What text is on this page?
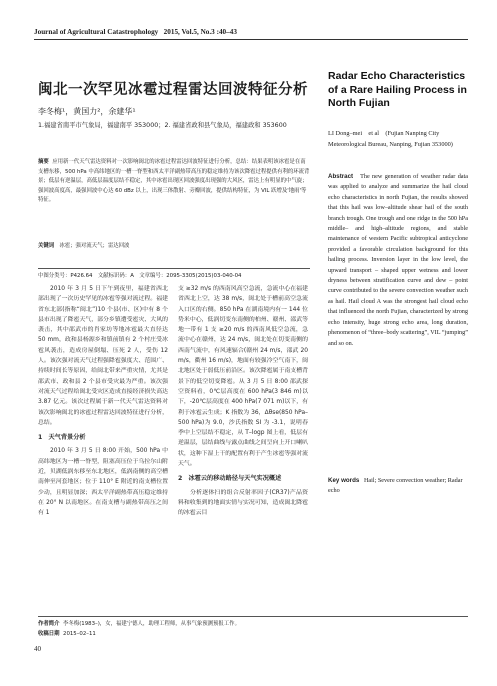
Journal of Agricultural Catastrophology 2015, Vol.5, No.3 :40–43
闽北一次罕见冰雹过程雷达回波特征分析
李冬梅¹，黄国力²，余建华¹
1.福建省南平市气象局，福建南平 353000；2. 福建省政和县气象局，福建政和 353600
摘要 应用新一代天气雷达资料对一次影响闽北的冰雹过程雷达回波特征进行分析，总结：结果表明该冰雹是在南支槽东移，500 hPa 中高纬地区的一槽一脊型和西太平洋副热带高压的稳定维持为该次降雹过程提供有利的环流背景；低层有逆温层，高低层温度层结不稳定，其中冰雹出现区回波强度出现强的大风区，雷达上有明显的中气旋；强回波高度高，最强回波中心达 60 dBz 以上，出现三体散射、旁瓣回波，提供结构特征，为 VIL 跃增及'地雨'等特征。
关键词 冰雹；强对流天气；雷达回波
中图分类号：P426.64　文献标识码：A　文章编号：2095-3305(2015)03-040-04
Radar Echo Characteristics of a Rare Hailing Process in North Fujian
LI Dong–mei　et al　(Fujian Nanping City Meteorological Bureau, Nanping, Fujian 353000)
Abstract The new generation of weather radar data was applied to analyze and summarize the hail cloud echo characteristics in north Fujian, the results showed that this hail was low–altitude shear hail of the south branch trough. One trough and one ridge in the 500 hPa middle– and high–altitude regions, and stable maintenance of western Pacific subtropical anticyclone provided a favorable circulation background for this hailing process. Inversion layer in the low level, the upward transport – shaped upper wetness and lower dryness between stratification curve and dew – point curve contributed to the severe convection weather such as hail. Hail cloud A was the strongest hail cloud echo that influenced the north Fujian, characterized by strong echo intensity, huge strong echo area, long duration, phenomenon of “three–body scattering”, VIL “jumping” and so on.
Key words Hail; Severe convection weather; Radar echo

2010 年 3 月 5 日下午到夜里，福建省西北部出现了一次历史罕见的冰雹等强对流过程。福建省东北部(指称“闽北”)10 个县(市、区)中有 8 个县市出现了降雹天气，部分乡镇遭受雹灾、大风的袭击，其中邵武市的肖家坊等地冰雹最大直径达 50 mm，政和县杨源乡和镇前镇有 2 个村庄受冰雹风袭击，造成房屋倒塌、压死 2 人，受伤 12 人。该次强对流天气过程强降雹强度大、范围广、持续时间长等原因，给闽北带来严重灾情，尤其是邵武市、政和县 2 个县市受灾最为严重。该次强对流天气过程给闽北受灾区造成直接经济损失高达 3.87 亿元。该次过程属于新一代天气雷达资料对该次影响闽北的冰雹过程雷达回波特征进行分析，总结。

1　天气背景分析

2010 年 3 月 5 日 8:00 开始，500 hPa 中高纬地区为一槽一脊型，阻塞高压位于乌拉尔山附近，贝湖低涡东移至东北地区，低涡南侧的高空槽南伸至河套地区；位于 110° E 附近的南支槽位置少动，且明显加深；西太平洋副热带高压稳定维持在 20° N 以南地区。在南支槽与副热带高压之间有 1

支 ≥32 m/s 的西南风高空急流，急流中心在福建省西北上空，达 38 m/s，闽北处于槽前高空急流入口区的右侧。850 hPa 在湖南境内有一 144 位势米中心，低涡切变东南侧的柏州、赣州、邵武等地一带有 1 支 ≥20 m/s 的西南风低空急流，急流中心在赣州，达 24 m/s，闽北处在切变南侧的西南气流中，有风速辐合(赣州 24 m/s，邵武 20 m/s，衢州 16 m/s)，地面有较强冷空气南下，闽北地区处于弱低压前沿区。该次降雹属于南支槽背景下的低空切变降雹。从 3 月 5 日 8:00 邵武探空资料看，0℃层高度在 600 hPa(3 846 m)以下，-20℃层高度在 400 hPa(7 071 m)以下，有利于冰雹云生成；K 指数为 36，Δθse(850 hPa–500 hPa)为 9.0，沙氏指数 SI 为 -3.1，说明春季中上空层结不稳定，从 T–logp 图上看，低层有逆温层，层结曲线与露点曲线之间呈向上开口喇叭状，这种下湿上干的配置有利于产生冰雹等强对流天气。

2　冰雹云的移动路径与天气实况概述

分析逐体扫的组合反射率因子(CR37)产品资料和收集到的地面实情与实况可知，造成闽北降雹的冰雹云目

作者简介 李冬梅(1983–)，女，福建宁德人，助理工程师，从事气象预测预报工作。
收稿日期 2015–02–11
40
